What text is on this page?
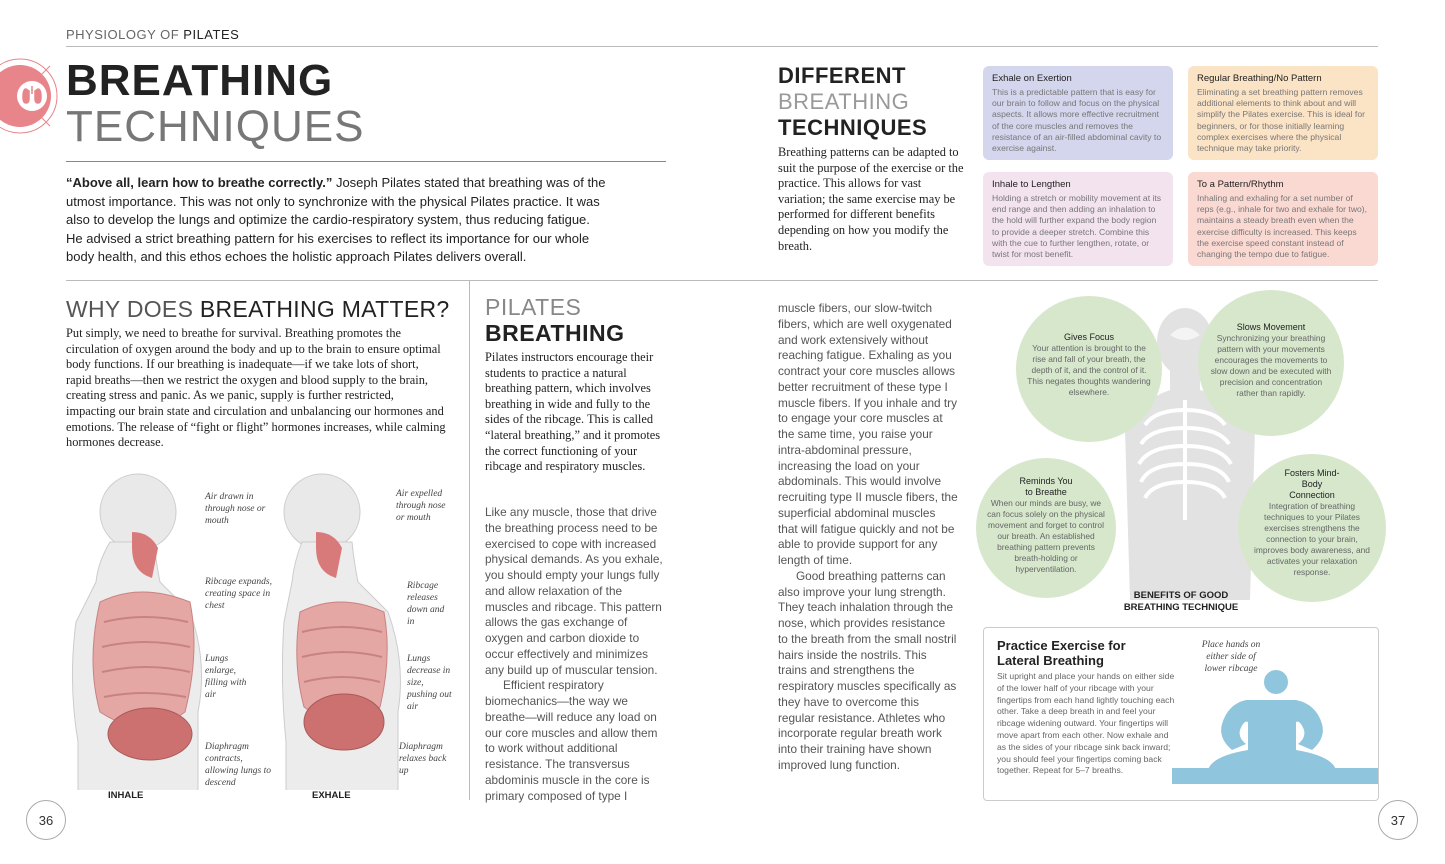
PHYSIOLOGY OF PILATES
BREATHING
TECHNIQUES
“Above all, learn how to breathe correctly.” Joseph Pilates stated that breathing was of the utmost importance. This was not only to synchronize with the physical Pilates practice. It was also to develop the lungs and optimize the cardio-respiratory system, thus reducing fatigue. He advised a strict breathing pattern for his exercises to reflect its importance for our whole body health, and this ethos echoes the holistic approach Pilates delivers overall.
WHY DOES BREATHING MATTER?
Put simply, we need to breathe for survival. Breathing promotes the circulation of oxygen around the body and up to the brain to ensure optimal body functions. If our breathing is inadequate—if we take lots of short, rapid breaths—then we restrict the oxygen and blood supply to the brain, creating stress and panic. As we panic, supply is further restricted, impacting our brain state and circulation and unbalancing our hormones and emotions. The release of “fight or flight” hormones increases, while calming hormones decrease.
Air drawn in through nose or mouth
Ribcage expands, creating space in chest
Lungs enlarge, filling with air
Diaphragm contracts, allowing lungs to descend
Air expelled through nose or mouth
Ribcage releases down and in
Lungs decrease in size, pushing out air
Diaphragm relaxes back up
INHALE	EXHALE
PILATES
BREATHING
Pilates instructors encourage their students to practice a natural breathing pattern, which involves breathing in wide and fully to the sides of the ribcage. This is called “lateral breathing,” and it promotes the correct functioning of your ribcage and respiratory muscles.

Like any muscle, those that drive the breathing process need to be exercised to cope with increased physical demands. As you exhale, you should empty your lungs fully and allow relaxation of the muscles and ribcage. This pattern allows the gas exchange of oxygen and carbon dioxide to occur effectively and minimizes any build up of muscular tension.

Efficient respiratory biomechanics—the way we breathe—will reduce any load on our core muscles and allow them to work without additional resistance. The transversus abdominis muscle in the core is primary composed of type I

muscle fibers, our slow-twitch fibers, which are well oxygenated and work extensively without reaching fatigue. Exhaling as you contract your core muscles allows better recruitment of these type I muscle fibers. If you inhale and try to engage your core muscles at the same time, you raise your intra-abdominal pressure, increasing the load on your abdominals. This would involve recruiting type II muscle fibers, the superficial abdominal muscles that will fatigue quickly and not be able to provide support for any length of time.

Good breathing patterns can also improve your lung strength. They teach inhalation through the nose, which provides resistance to the breath from the small nostril hairs inside the nostrils. This trains and strengthens the respiratory muscles specifically as they have to overcome this regular resistance. Athletes who incorporate regular breath work into their training have shown improved lung function.

DIFFERENT
BREATHING
TECHNIQUES
Breathing patterns can be adapted to suit the purpose of the exercise or the practice. This allows for vast variation; the same exercise may be performed for different benefits depending on how you modify the breath.
Exhale on Exertion

This is a predictable pattern that is easy for our brain to follow and focus on the physical aspects. It allows more effective recruitment of the core muscles and removes the resistance of an air-filled abdominal cavity to exercise against.

Regular Breathing/No Pattern

Eliminating a set breathing pattern removes additional elements to think about and will simplify the Pilates exercise. This is ideal for beginners, or for those initially learning complex exercises where the physical technique may take priority.

Inhale to Lengthen

Holding a stretch or mobility movement at its end range and then adding an inhalation to the hold will further expand the body region to provide a deeper stretch. Combine this with the cue to further lengthen, rotate, or twist for most benefit.

To a Pattern/Rhythm

Inhaling and exhaling for a set number of reps (e.g., inhale for two and exhale for two), maintains a steady breath even when the exercise difficulty is increased. This keeps the exercise speed constant instead of changing the tempo due to fatigue.

Gives Focus

Your attention is brought to the rise and fall of your breath, the depth of it, and the control of it. This negates thoughts wandering elsewhere.

Slows Movement

Synchronizing your breathing pattern with your movements encourages the movements to slow down and be executed with precision and concentration rather than rapidly.

Reminds You to Breathe

When our minds are busy, we can focus solely on the physical movement and forget to control our breath. An established breathing pattern prevents breath-holding or hyperventilation.

Fosters Mind-Body Connection

Integration of breathing techniques to your Pilates exercises strengthens the connection to your brain, improves body awareness, and activates your relaxation response.

BENEFITS OF GOOD BREATHING TECHNIQUE
Practice Exercise for Lateral Breathing
Sit upright and place your hands on either side of the lower half of your ribcage with your fingertips from each hand lightly touching each other. Take a deep breath in and feel your ribcage widening outward. Your fingertips will move apart from each other. Now exhale and as the sides of your ribcage sink back inward; you should feel your fingertips coming back together. Repeat for 5–7 breaths.
Place hands on either side of lower ribcage
36	37
